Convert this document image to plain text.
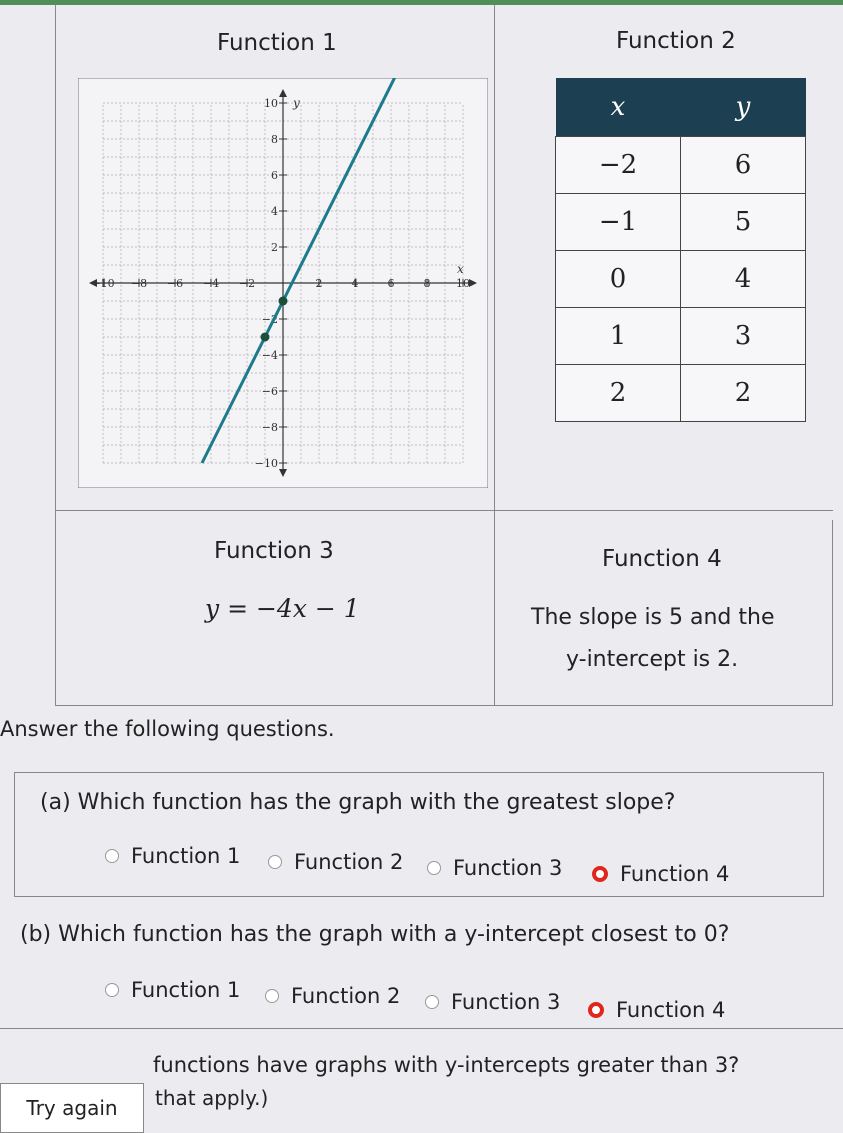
Function 1
x
y
−10 −8 −6 −4 −2	2	4	6	8 10
10
8
6
4
2
−2
−4
−6
−8
−10
Function 2
x	y
−2	6
−1	5
0	4
1	3
2	2
Function 3
y = −4x − 1
Function 4
The slope is 5 and the
y-intercept is 2.
Answer the following questions.
(a) Which function has the graph with the greatest slope?
Function 1	Function 2 Function 3	Function 4
(b) Which function has the graph with a y-intercept closest to 0?
Function 1 Function 2 Function 3	Function 4
functions have graphs with y-intercepts greater than 3?
that apply.)
Try again
